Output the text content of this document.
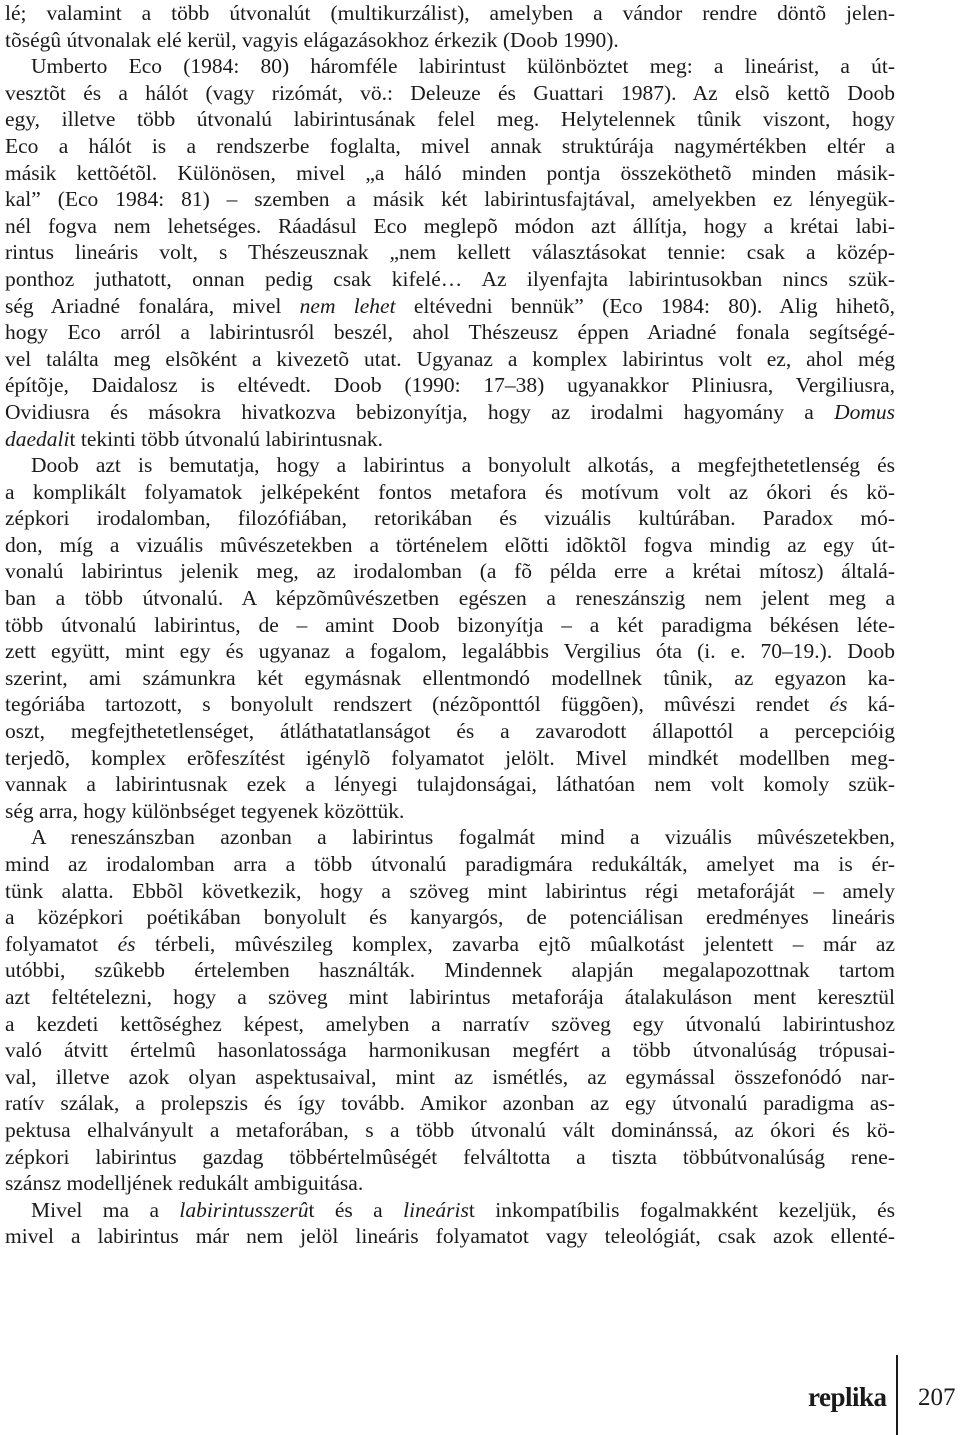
lé; valamint a több útvonalút (multikurzálist), amelyben a vándor rendre döntõ jelen-
tõségû útvonalak elé kerül, vagyis elágazásokhoz érkezik (Doob 1990).
Umberto Eco (1984: 80) háromféle labirintust különböztet meg: a lineárist, a út-
vesztõt és a hálót (vagy rizómát, vö.: Deleuze és Guattari 1987). Az elsõ kettõ Doob
egy, illetve több útvonalú labirintusának felel meg. Helytelennek tûnik viszont, hogy
Eco a hálót is a rendszerbe foglalta, mivel annak struktúrája nagymértékben eltér a
másik kettõétõl. Különösen, mivel „a háló minden pontja összeköthetõ minden másik-
kal” (Eco 1984: 81) – szemben a másik két labirintusfajtával, amelyekben ez lényegük-
nél fogva nem lehetséges. Ráadásul Eco meglepõ módon azt állítja, hogy a krétai labi-
rintus lineáris volt, s Thészeusznak „nem kellett választásokat tennie: csak a közép-
ponthoz juthatott, onnan pedig csak kifelé… Az ilyenfajta labirintusokban nincs szük-
ség Ariadné fonalára, mivel nem lehet eltévedni bennük” (Eco 1984: 80). Alig hihetõ,
hogy Eco arról a labirintusról beszél, ahol Thészeusz éppen Ariadné fonala segítségé-
vel találta meg elsõként a kivezetõ utat. Ugyanaz a komplex labirintus volt ez, ahol még
építõje, Daidalosz is eltévedt. Doob (1990: 17–38) ugyanakkor Pliniusra, Vergiliusra,
Ovidiusra és másokra hivatkozva bebizonyítja, hogy az irodalmi hagyomány a Domus
daedalit tekinti több útvonalú labirintusnak.
Doob azt is bemutatja, hogy a labirintus a bonyolult alkotás, a megfejthetetlenség és
a komplikált folyamatok jelképeként fontos metafora és motívum volt az ókori és kö-
zépkori irodalomban, filozófiában, retorikában és vizuális kultúrában. Paradox mó-
don, míg a vizuális mûvészetekben a történelem elõtti idõktõl fogva mindig az egy út-
vonalú labirintus jelenik meg, az irodalomban (a fõ példa erre a krétai mítosz) általá-
ban a több útvonalú. A képzõmûvészetben egészen a reneszánszig nem jelent meg a
több útvonalú labirintus, de – amint Doob bizonyítja – a két paradigma békésen léte-
zett együtt, mint egy és ugyanaz a fogalom, legalábbis Vergilius óta (i. e. 70–19.). Doob
szerint, ami számunkra két egymásnak ellentmondó modellnek tûnik, az egyazon ka-
tegóriába tartozott, s bonyolult rendszert (nézõponttól függõen), mûvészi rendet és ká-
oszt, megfejthetetlenséget, átláthatatlanságot és a zavarodott állapottól a percepcióig
terjedõ, komplex erõfeszítést igénylõ folyamatot jelölt. Mivel mindkét modellben meg-
vannak a labirintusnak ezek a lényegi tulajdonságai, láthatóan nem volt komoly szük-
ség arra, hogy különbséget tegyenek közöttük.
A reneszánszban azonban a labirintus fogalmát mind a vizuális mûvészetekben,
mind az irodalomban arra a több útvonalú paradigmára redukálták, amelyet ma is ér-
tünk alatta. Ebbõl következik, hogy a szöveg mint labirintus régi metaforáját – amely
a középkori poétikában bonyolult és kanyargós, de potenciálisan eredményes lineáris
folyamatot és térbeli, mûvészileg komplex, zavarba ejtõ mûalkotást jelentett – már az
utóbbi, szûkebb értelemben használták. Mindennek alapján megalapozottnak tartom
azt feltételezni, hogy a szöveg mint labirintus metaforája átalakuláson ment keresztül
a kezdeti kettõséghez képest, amelyben a narratív szöveg egy útvonalú labirintushoz
való átvitt értelmû hasonlatossága harmonikusan megfért a több útvonalúság trópusai-
val, illetve azok olyan aspektusaival, mint az ismétlés, az egymással összefonódó nar-
ratív szálak, a prolepszis és így tovább. Amikor azonban az egy útvonalú paradigma as-
pektusa elhalványult a metaforában, s a több útvonalú vált dominánssá, az ókori és kö-
zépkori labirintus gazdag többértelmûségét felváltotta a tiszta többútvonalúság rene-
szánsz modelljének redukált ambiguitása.
Mivel ma a labirintusszerût és a lineárist inkompatíbilis fogalmakként kezeljük, és
mivel a labirintus már nem jelöl lineáris folyamatot vagy teleológiát, csak azok ellenté-
replika 207
